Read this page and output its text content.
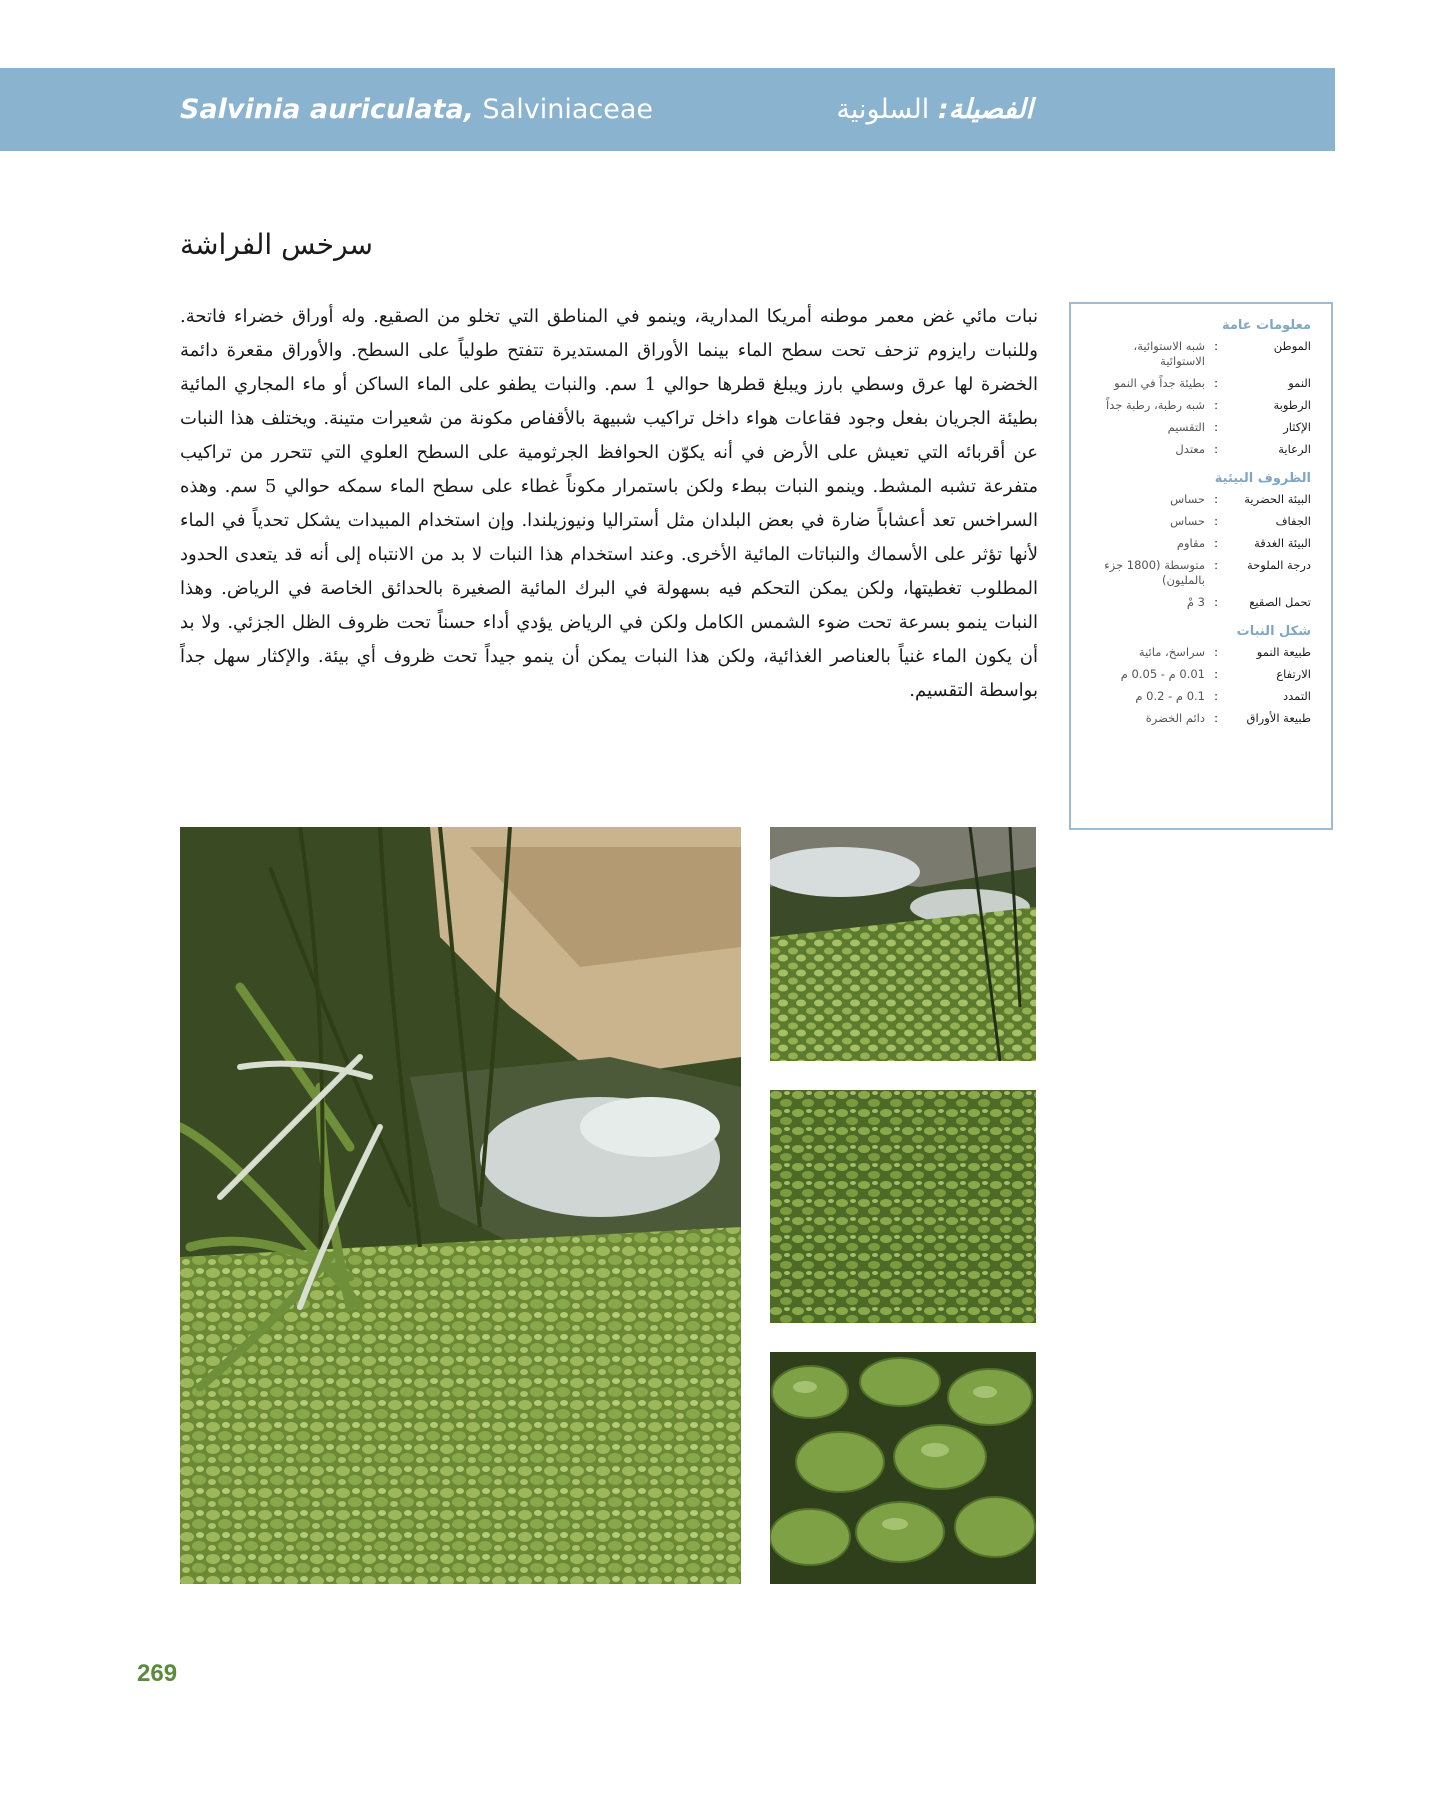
Salvinia auriculata, Salviniaceae	الفصيلة: السلونية
سرخس الفراشة

نبات مائي غض معمر موطنه أمريكا المدارية، وينمو في المناطق التي تخلو من الصقيع. وله أوراق خضراء فاتحة. وللنبات رايزوم تزحف تحت سطح الماء بينما الأوراق المستديرة تتفتح طولياً على السطح. والأوراق مقعرة دائمة الخضرة لها عرق وسطي بارز ويبلغ قطرها حوالي 1 سم. والنبات يطفو على الماء الساكن أو ماء المجاري المائية بطيئة الجريان بفعل وجود فقاعات هواء داخل تراكيب شبيهة بالأقفاص مكونة من شعيرات متينة. ويختلف هذا النبات عن أقربائه التي تعيش على الأرض في أنه يكوّن الحوافظ الجرثومية على السطح العلوي التي تتحرر من تراكيب متفرعة تشبه المشط. وينمو النبات ببطء ولكن باستمرار مكوناً غطاء على سطح الماء سمكه حوالي 5 سم. وهذه السراخس تعد أعشاباً ضارة في بعض البلدان مثل أستراليا ونيوزيلندا. وإن استخدام المبيدات يشكل تحدياً في الماء لأنها تؤثر على الأسماك والنباتات المائية الأخرى. وعند استخدام هذا النبات لا بد من الانتباه إلى أنه قد يتعدى الحدود المطلوب تغطيتها، ولكن يمكن التحكم فيه بسهولة في البرك المائية الصغيرة بالحدائق الخاصة في الرياض. وهذا النبات ينمو بسرعة تحت ضوء الشمس الكامل ولكن في الرياض يؤدي أداء حسناً تحت ظروف الظل الجزئي. ولا بد أن يكون الماء غنياً بالعناصر الغذائية، ولكن هذا النبات يمكن أن ينمو جيداً تحت ظروف أي بيئة. والإكثار سهل جداً بواسطة التقسيم.

معلومات عامة
الموطن
:
شبه الاستوائية، الاستوائية
النمو
:
بطيئة جداً في النمو
الرطوبة
:
شبه رطبة، رطبة جداً
الإكثار
:
التقسيم
الرعاية
:
معتدل
الظروف البيئية
البيئة الحضرية
:
حساس
الجفاف
:
حساس
البيئة الغدقة
:
مقاوم
درجة الملوحة
:
متوسطة (1800 جزء بالمليون)
تحمل الصقيع
:
3 مْ
شكل النبات
طبيعة النمو
:
سراسخ، مائية
الارتفاع
:
0.01 م - 0.05 م
التمدد
:
0.1 م - 0.2 م
طبيعة الأوراق
:
دائم الخضرة
269
